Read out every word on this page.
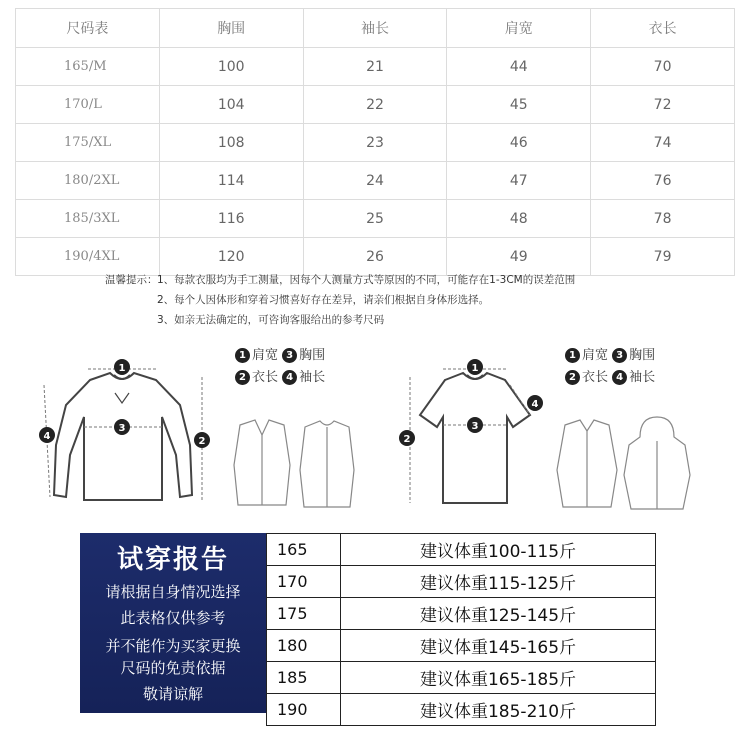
尺码表	胸围	袖长	肩宽	衣长
165/M	100	21	44	70
170/L	104	22	45	72
175/XL	108	23	46	74
180/2XL	114	24	47	76
185/3XL	116	25	48	78
190/4XL	120	26	49	79
温馨提示：1、每款衣服均为手工测量，因每个人测量方式等原因的不同，可能存在1-3CM的误差范围
2、每个人因体形和穿着习惯喜好存在差异，请亲们根据自身体形选择。
3、如亲无法确定的，可咨询客服给出的参考尺码
1
3
2
4
1 肩宽 3 胸围
2 衣长 4 袖长
1
3
2
4
1 肩宽 3 胸围
2 衣长 4 袖长
试穿报告
请根据自身情况选择
此表格仅供参考
并不能作为买家更换
尺码的免责依据
敬请谅解
165	建议体重100-115斤
170	建议体重115-125斤
175	建议体重125-145斤
180	建议体重145-165斤
185	建议体重165-185斤
190	建议体重185-210斤
